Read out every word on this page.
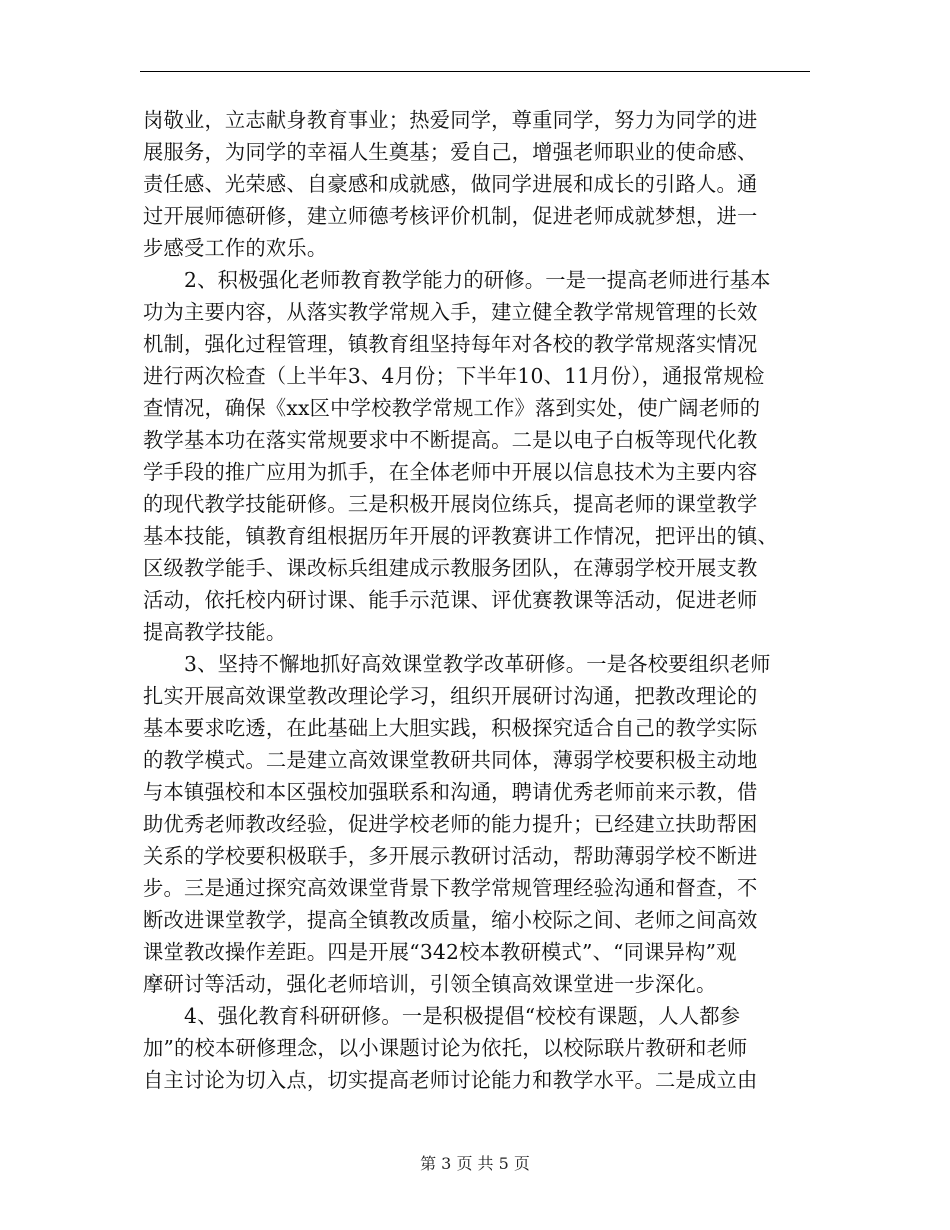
岗敬业，立志献身教育事业；热爱同学，尊重同学，努力为同学的进
展服务，为同学的幸福人生奠基；爱自己，增强老师职业的使命感、
责任感、光荣感、自豪感和成就感，做同学进展和成长的引路人。通
过开展师德研修，建立师德考核评价机制，促进老师成就梦想，进一
步感受工作的欢乐。
2、积极强化老师教育教学能力的研修。一是一提高老师进行基本
功为主要内容，从落实教学常规入手，建立健全教学常规管理的长效
机制，强化过程管理，镇教育组坚持每年对各校的教学常规落实情况
进行两次检查（上半年3、4月份；下半年10、11月份），通报常规检
查情况，确保《xx区中学校教学常规工作》落到实处，使广阔老师的
教学基本功在落实常规要求中不断提高。二是以电子白板等现代化教
学手段的推广应用为抓手，在全体老师中开展以信息技术为主要内容
的现代教学技能研修。三是积极开展岗位练兵，提高老师的课堂教学
基本技能，镇教育组根据历年开展的评教赛讲工作情况，把评出的镇、
区级教学能手、课改标兵组建成示教服务团队，在薄弱学校开展支教
活动，依托校内研讨课、能手示范课、评优赛教课等活动，促进老师
提高教学技能。
3、坚持不懈地抓好高效课堂教学改革研修。一是各校要组织老师
扎实开展高效课堂教改理论学习，组织开展研讨沟通，把教改理论的
基本要求吃透，在此基础上大胆实践，积极探究适合自己的教学实际
的教学模式。二是建立高效课堂教研共同体，薄弱学校要积极主动地
与本镇强校和本区强校加强联系和沟通，聘请优秀老师前来示教，借
助优秀老师教改经验，促进学校老师的能力提升；已经建立扶助帮困
关系的学校要积极联手，多开展示教研讨活动，帮助薄弱学校不断进
步。三是通过探究高效课堂背景下教学常规管理经验沟通和督查，不
断改进课堂教学，提高全镇教改质量，缩小校际之间、老师之间高效
课堂教改操作差距。四是开展“342校本教研模式”、“同课异构”观
摩研讨等活动，强化老师培训，引领全镇高效课堂进一步深化。
4、强化教育科研研修。一是积极提倡“校校有课题，人人都参
加”的校本研修理念，以小课题讨论为依托，以校际联片教研和老师
自主讨论为切入点，切实提高老师讨论能力和教学水平。二是成立由
第 3 页 共 5 页
